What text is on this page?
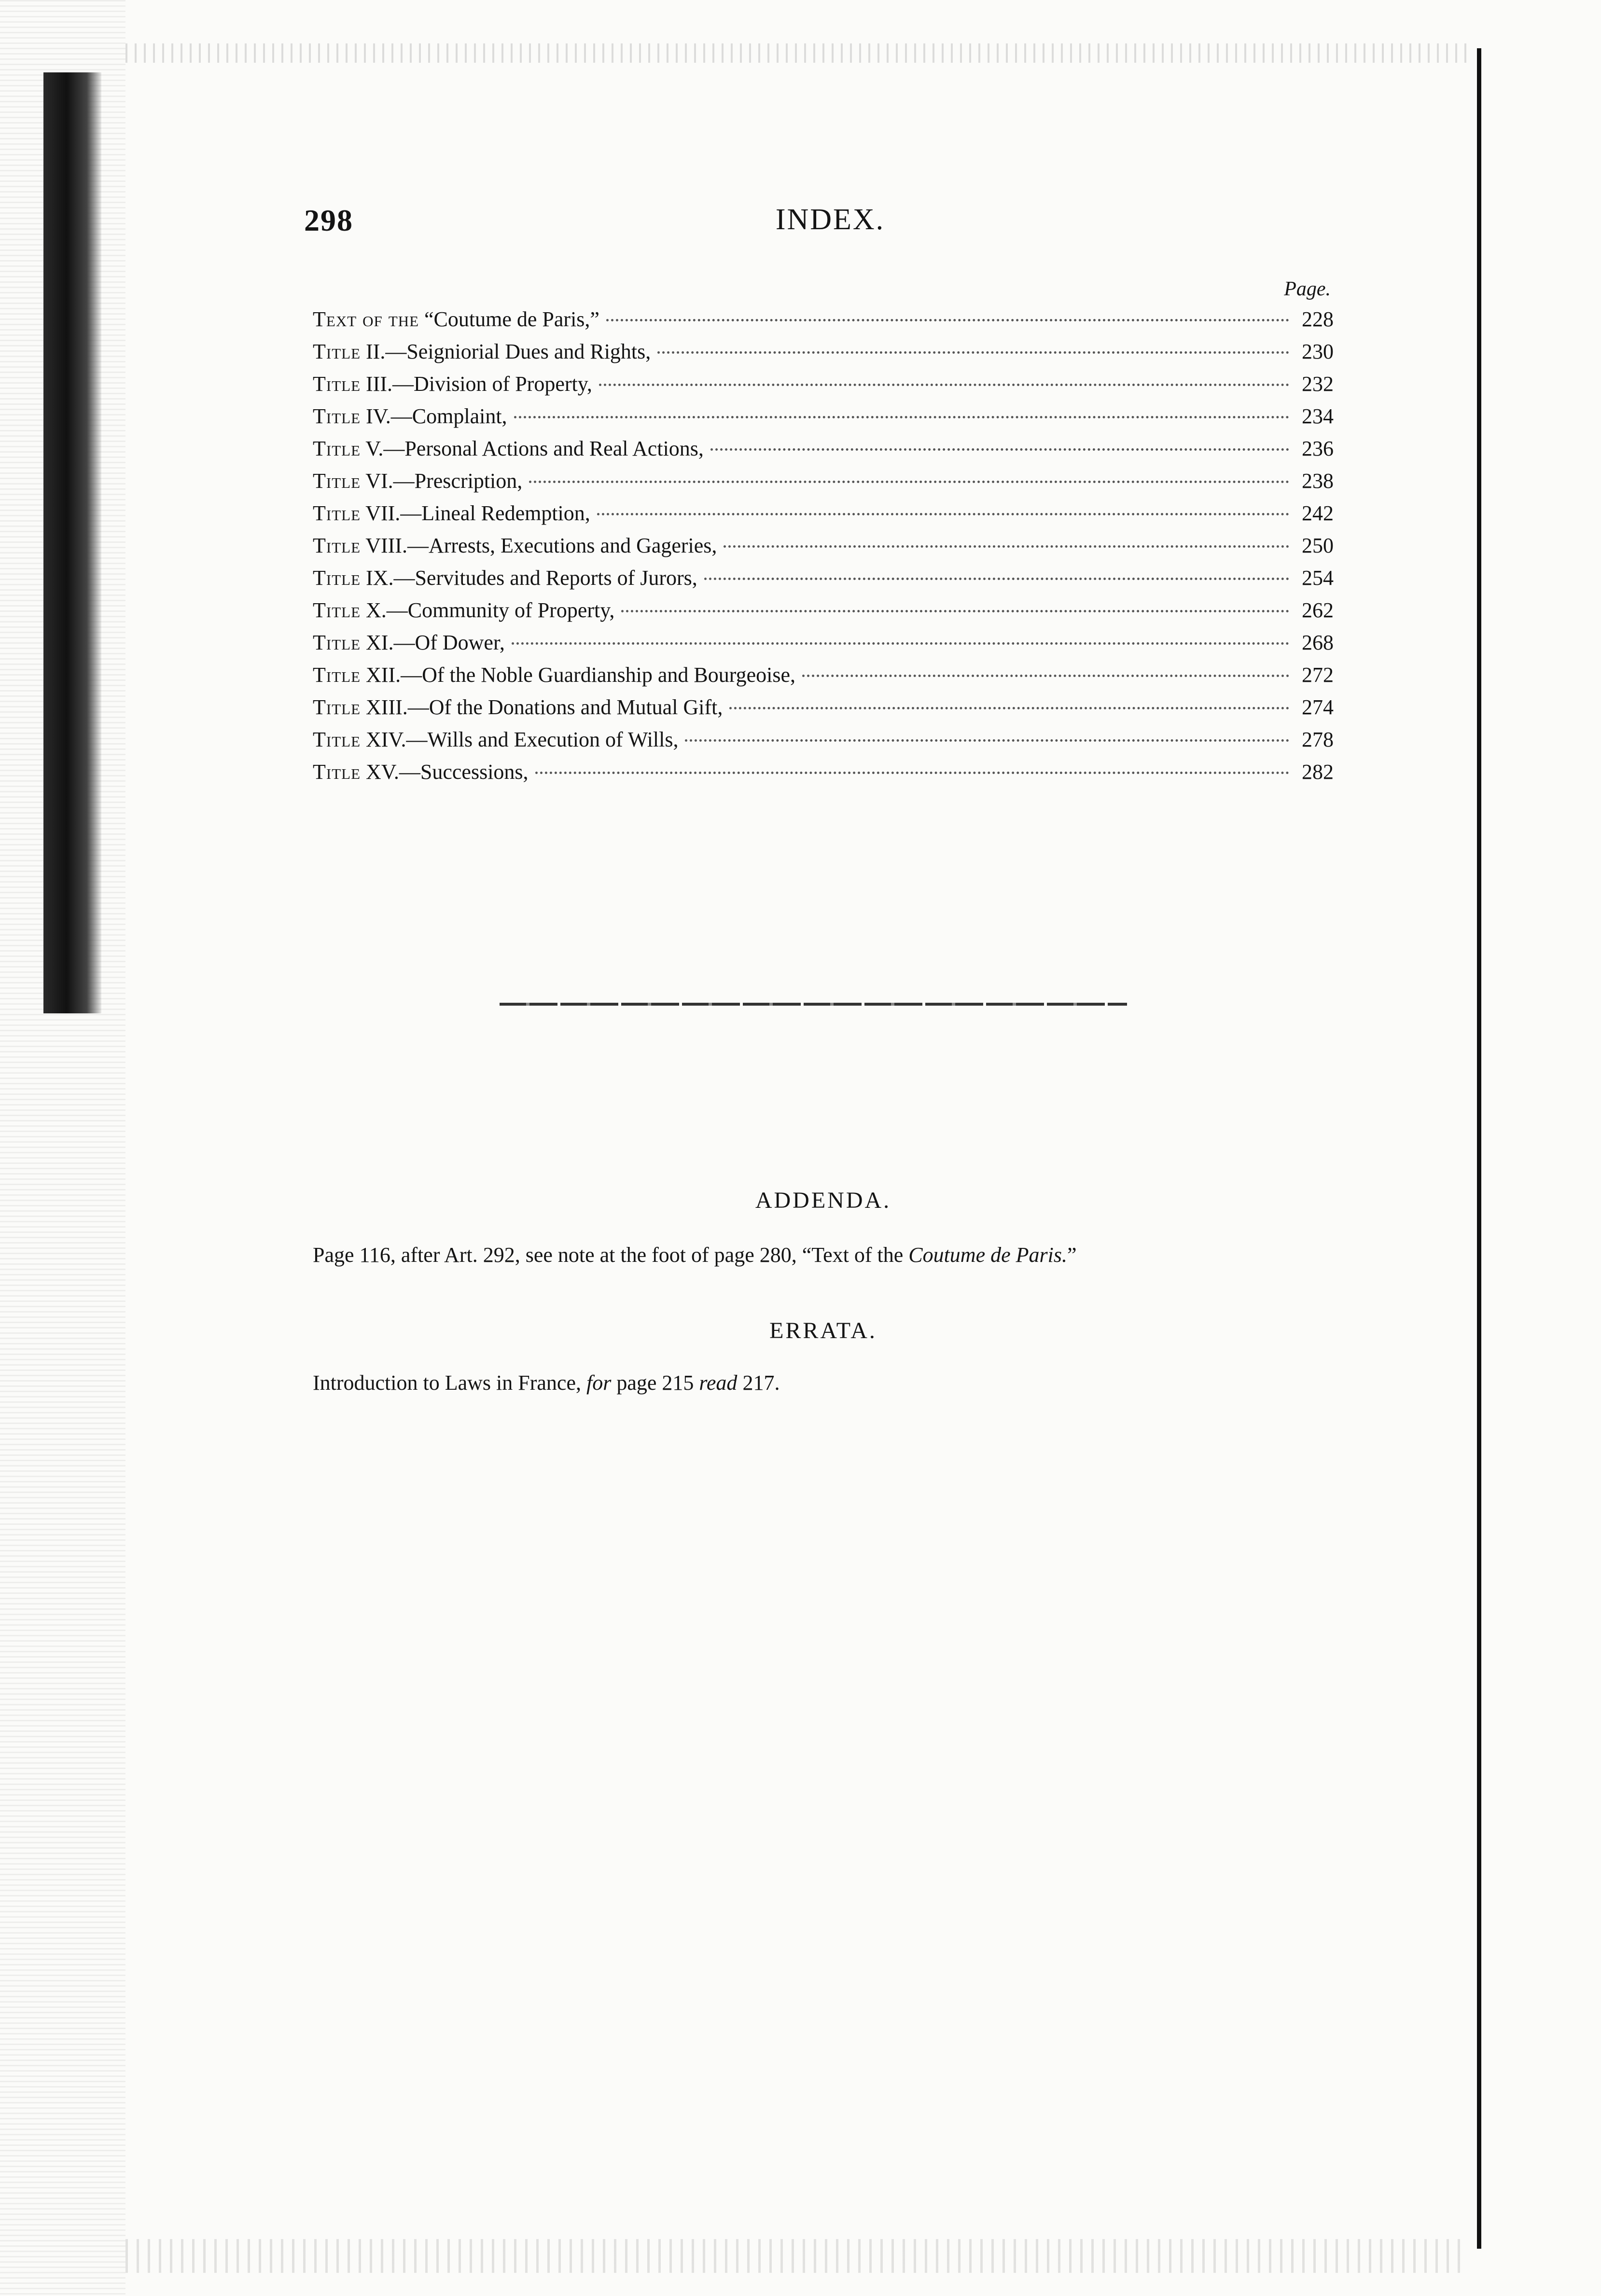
298	INDEX.
Page.
Text of the “Coutume de Paris,”	228
Title II.—Seigniorial Dues and Rights,	230
Title III.—Division of Property,	232
Title IV.—Complaint,	234
Title V.—Personal Actions and Real Actions,	236
Title VI.—Prescription,	238
Title VII.—Lineal Redemption,	242
Title VIII.—Arrests, Executions and Gageries,	250
Title IX.—Servitudes and Reports of Jurors,	254
Title X.—Community of Property,	262
Title XI.—Of Dower,	268
Title XII.—Of the Noble Guardianship and Bourgeoise,	272
Title XIII.—Of the Donations and Mutual Gift,	274
Title XIV.—Wills and Execution of Wills,	278
Title XV.—Successions,	282
ADDENDA.
Page 116, after Art. 292, see note at the foot of page 280, “Text of the Coutume de Paris.”
ERRATA.
Introduction to Laws in France, for page 215 read 217.
